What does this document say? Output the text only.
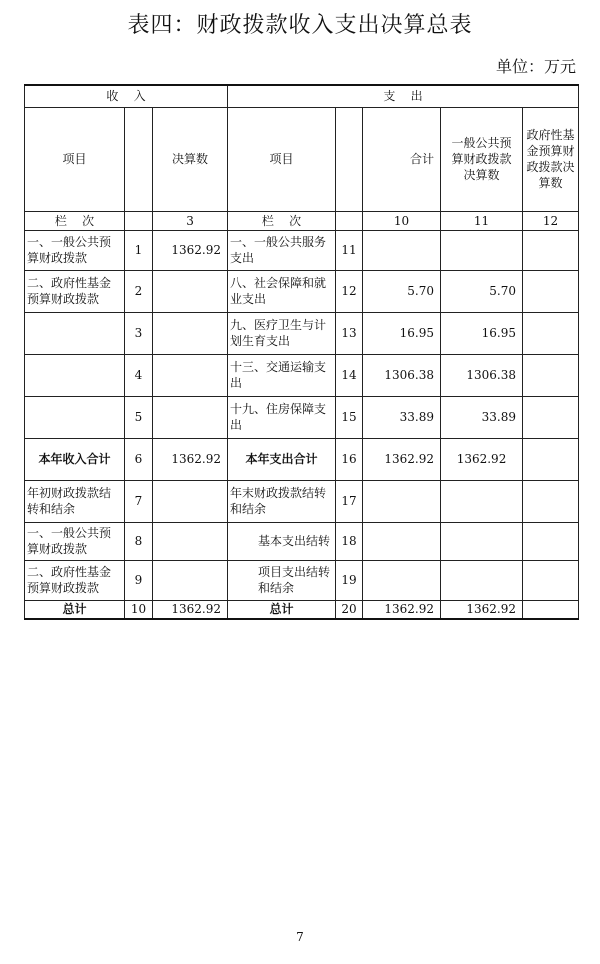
表四：财政拨款收入支出决算总表
单位：万元
收    入			支    出				
项目		决算数	项目		合计	一般公共预算财政拨款决算数	政府性基金预算财政拨款决算数
栏    次		3	栏    次		10	11	12
一、一般公共预算财政拨款	1	1362.92	一、一般公共服务支出	11			
二、政府性基金预算财政拨款	2		八、社会保障和就业支出	12	5.70	5.70	
	3		九、医疗卫生与计划生育支出	13	16.95	16.95	
	4		十三、交通运输支出	14	1306.38	1306.38	
	5		十九、住房保障支出	15	33.89	33.89	
本年收入合计	6	1362.92	本年支出合计	16	1362.92	1362.92	
年初财政拨款结转和结余	7		年末财政拨款结转和结余	17			
一、一般公共预算财政拨款	8		基本支出结转	18			
二、政府性基金预算财政拨款	9		项目支出结转和结余	19			
总计	10	1362.92	总计	20	1362.92	1362.92	
7
